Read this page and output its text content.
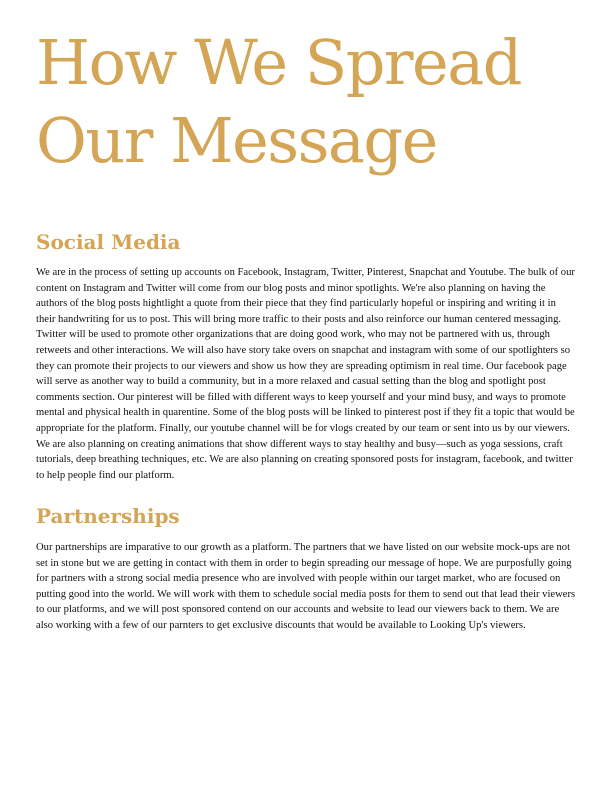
How We Spread Our Message
Social Media

We are in the process of setting up accounts on Facebook, Instagram, Twitter, Pinterest, Snapchat and Youtube. The bulk of our content on Instagram and Twitter will come from our blog posts and minor spotlights. We're also planning on having the authors of the blog posts hightlight a quote from their piece that they find particularly hopeful or inspiring and writing it in their handwriting for us to post. This will bring more traffic to their posts and also reinforce our human centered messaging. Twitter will be used to promote other organizations that are doing good work, who may not be partnered with us, through retweets and other interactions. We will also have story take overs on snapchat and instagram with some of our spotlighters so they can promote their projects to our viewers and show us how they are spreading optimism in real time. Our facebook page will serve as another way to build a community, but in a more relaxed and casual setting than the blog and spotlight post comments section. Our pinterest will be filled with different ways to keep yourself and your mind busy, and ways to promote mental and physical health in quarentine. Some of the blog posts will be linked to pinterest post if they fit a topic that would be appropriate for the platform. Finally, our youtube channel will be for vlogs created by our team or sent into us by our viewers. We are also planning on creating animations that show different ways to stay healthy and busy—such as yoga sessions, craft tutorials, deep breathing techniques, etc. We are also planning on creating sponsored posts for instagram, facebook, and twitter to help people find our platform.

Partnerships

Our partnerships are imparative to our growth as a platform. The partners that we have listed on our website mock-ups are not set in stone but we are getting in contact with them in order to begin spreading our message of hope. We are purposfully going for partners with a strong social media presence who are involved with people within our target market, who are focused on putting good into the world. We will work with them to schedule social media posts for them to send out that lead their viewers to our platforms, and we will post sponsored contend on our accounts and website to lead our viewers back to them. We are also working with a few of our parnters to get exclusive discounts that would be available to Looking Up's viewers.
